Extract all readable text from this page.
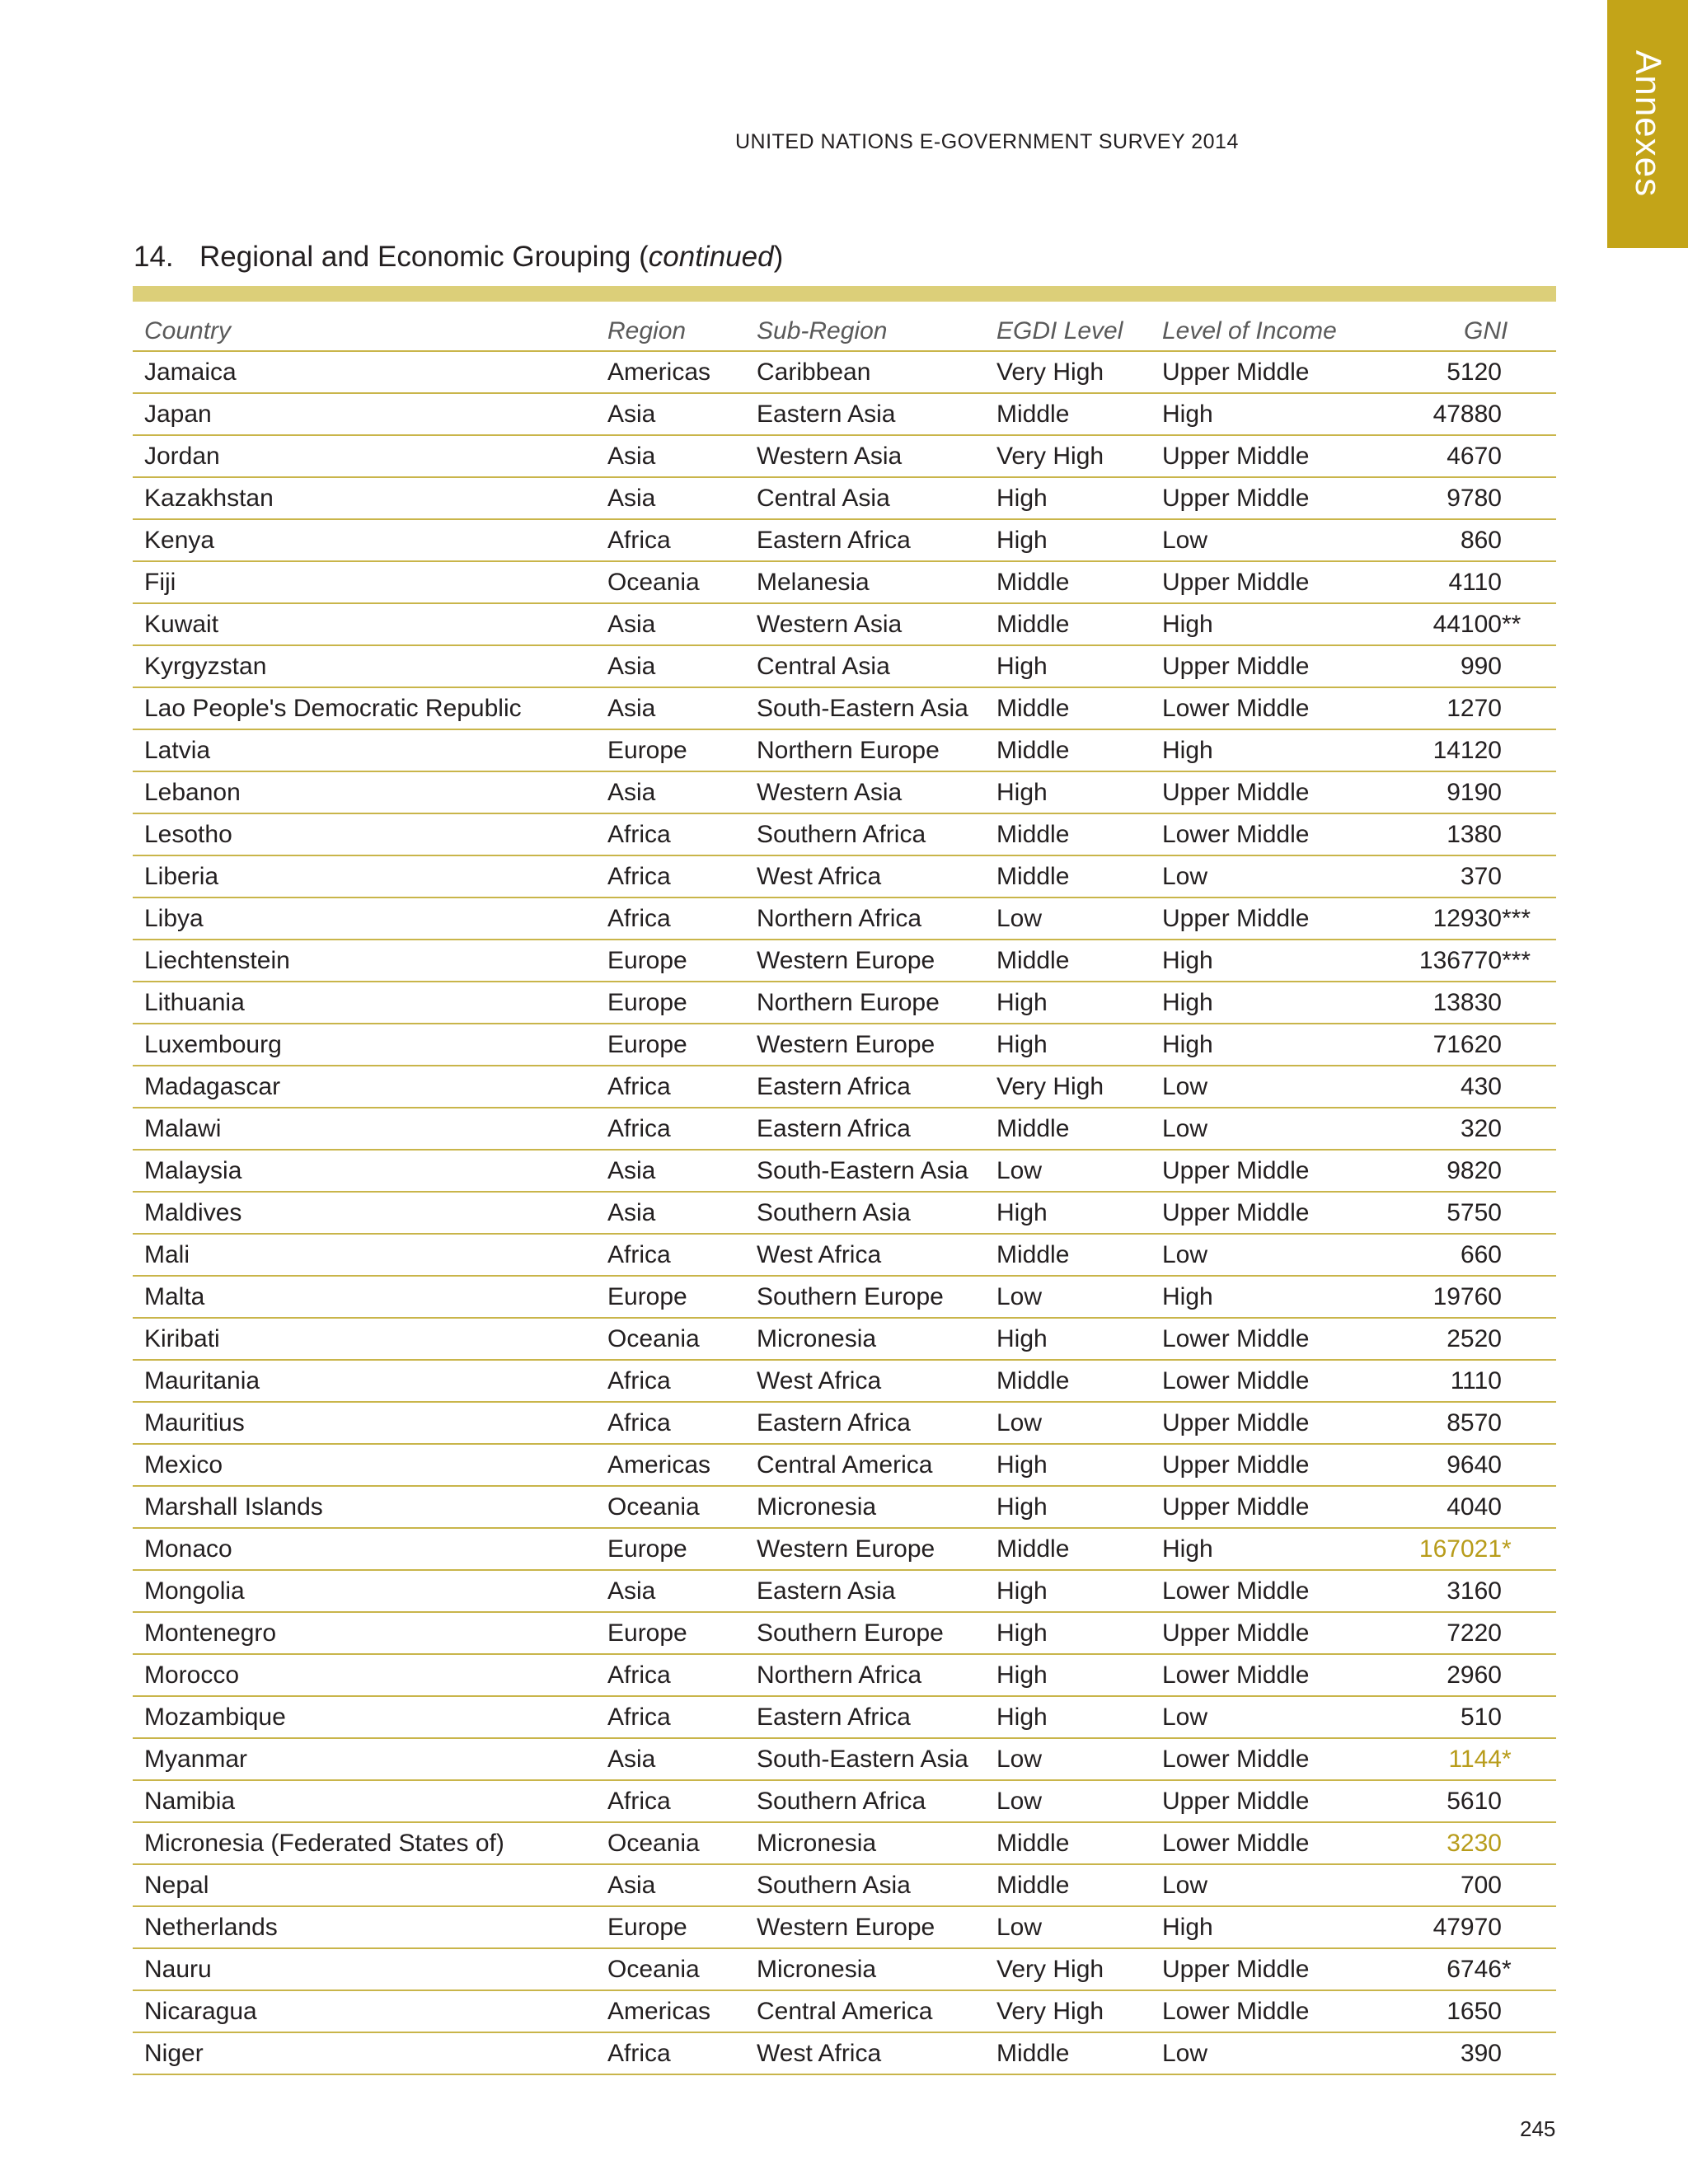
Annexes
UNITED NATIONS E-GOVERNMENT SURVEY 2014
14. Regional and Economic Grouping (continued)
Country	Region	Sub-Region	EGDI Level	Level of Income	GNI
Jamaica	Americas	Caribbean	Very High	Upper Middle	5120
Japan	Asia	Eastern Asia	Middle	High	47880
Jordan	Asia	Western Asia	Very High	Upper Middle	4670
Kazakhstan	Asia	Central Asia	High	Upper Middle	9780
Kenya	Africa	Eastern Africa	High	Low	860
Fiji	Oceania	Melanesia	Middle	Upper Middle	4110
Kuwait	Asia	Western Asia	Middle	High	44100**
Kyrgyzstan	Asia	Central Asia	High	Upper Middle	990
Lao People's Democratic Republic	Asia	South-Eastern Asia	Middle	Lower Middle	1270
Latvia	Europe	Northern Europe	Middle	High	14120
Lebanon	Asia	Western Asia	High	Upper Middle	9190
Lesotho	Africa	Southern Africa	Middle	Lower Middle	1380
Liberia	Africa	West Africa	Middle	Low	370
Libya	Africa	Northern Africa	Low	Upper Middle	12930***
Liechtenstein	Europe	Western Europe	Middle	High	136770***
Lithuania	Europe	Northern Europe	High	High	13830
Luxembourg	Europe	Western Europe	High	High	71620
Madagascar	Africa	Eastern Africa	Very High	Low	430
Malawi	Africa	Eastern Africa	Middle	Low	320
Malaysia	Asia	South-Eastern Asia	Low	Upper Middle	9820
Maldives	Asia	Southern Asia	High	Upper Middle	5750
Mali	Africa	West Africa	Middle	Low	660
Malta	Europe	Southern Europe	Low	High	19760
Kiribati	Oceania	Micronesia	High	Lower Middle	2520
Mauritania	Africa	West Africa	Middle	Lower Middle	1110
Mauritius	Africa	Eastern Africa	Low	Upper Middle	8570
Mexico	Americas	Central America	High	Upper Middle	9640
Marshall Islands	Oceania	Micronesia	High	Upper Middle	4040
Monaco	Europe	Western Europe	Middle	High	167021*
Mongolia	Asia	Eastern Asia	High	Lower Middle	3160
Montenegro	Europe	Southern Europe	High	Upper Middle	7220
Morocco	Africa	Northern Africa	High	Lower Middle	2960
Mozambique	Africa	Eastern Africa	High	Low	510
Myanmar	Asia	South-Eastern Asia	Low	Lower Middle	1144*
Namibia	Africa	Southern Africa	Low	Upper Middle	5610
Micronesia (Federated States of)	Oceania	Micronesia	Middle	Lower Middle	3230
Nepal	Asia	Southern Asia	Middle	Low	700
Netherlands	Europe	Western Europe	Low	High	47970
Nauru	Oceania	Micronesia	Very High	Upper Middle	6746*
Nicaragua	Americas	Central America	Very High	Lower Middle	1650
Niger	Africa	West Africa	Middle	Low	390
245
